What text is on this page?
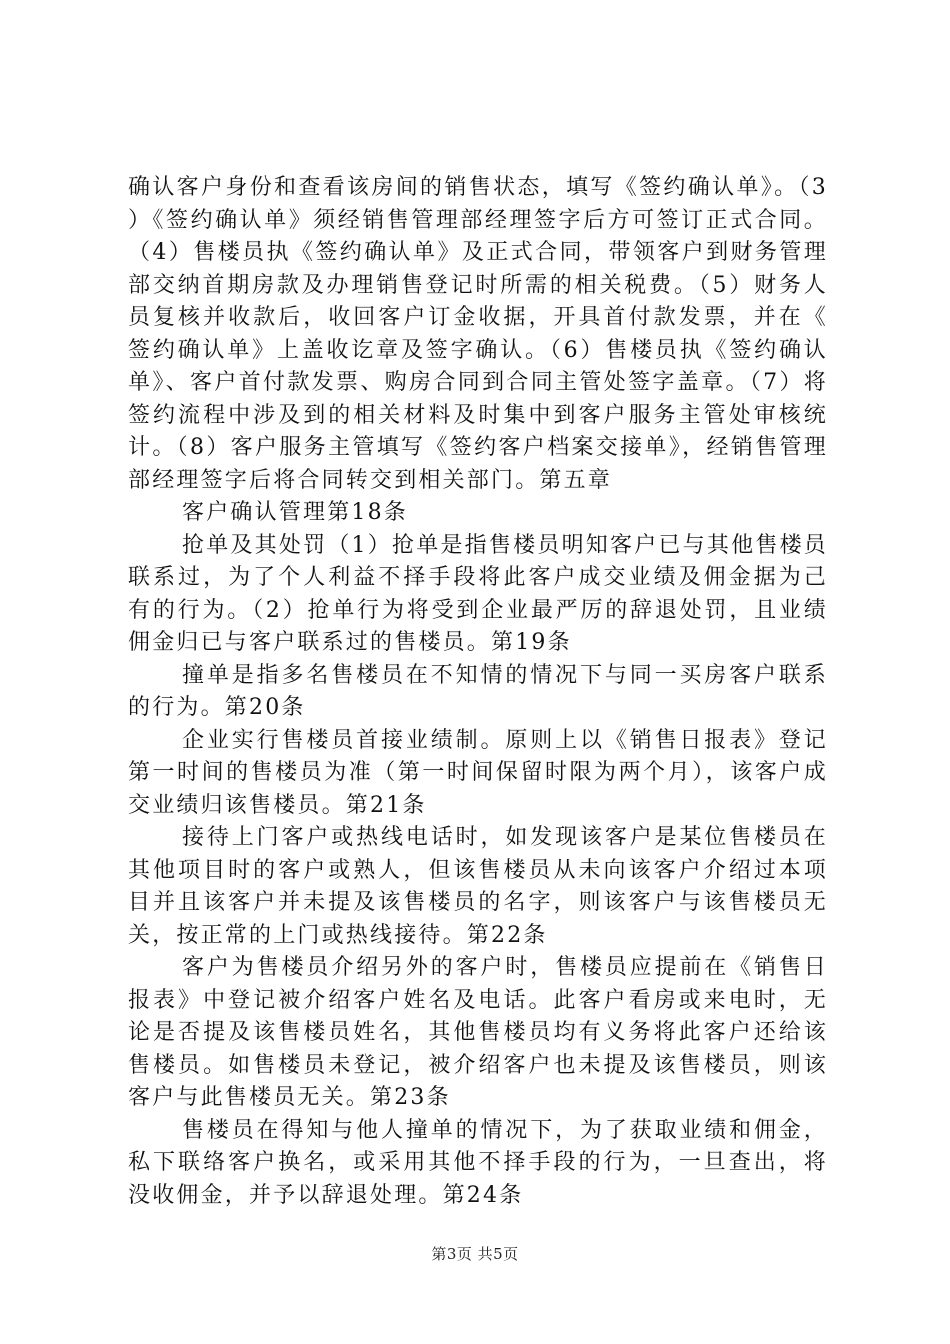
确认客户身份和查看该房间的销售状态，填写《签约确认单》。（3）《签约确认单》须经销售管理部经理签字后方可签订正式合同。（4）售楼员执《签约确认单》及正式合同，带领客户到财务管理部交纳首期房款及办理销售登记时所需的相关税费。（5）财务人员复核并收款后，收回客户订金收据，开具首付款发票，并在《签约确认单》上盖收讫章及签字确认。（6）售楼员执《签约确认单》、客户首付款发票、购房合同到合同主管处签字盖章。（7）将签约流程中涉及到的相关材料及时集中到客户服务主管处审核统计。（8）客户服务主管填写《签约客户档案交接单》，经销售管理部经理签字后将合同转交到相关部门。第五章

客户确认管理第18条

抢单及其处罚（1）抢单是指售楼员明知客户已与其他售楼员联系过，为了个人利益不择手段将此客户成交业绩及佣金据为己有的行为。（2）抢单行为将受到企业最严厉的辞退处罚，且业绩佣金归已与客户联系过的售楼员。第19条

撞单是指多名售楼员在不知情的情况下与同一买房客户联系的行为。第20条

企业实行售楼员首接业绩制。原则上以《销售日报表》登记第一时间的售楼员为准（第一时间保留时限为两个月），该客户成交业绩归该售楼员。第21条

接待上门客户或热线电话时，如发现该客户是某位售楼员在其他项目时的客户或熟人，但该售楼员从未向该客户介绍过本项目并且该客户并未提及该售楼员的名字，则该客户与该售楼员无关，按正常的上门或热线接待。第22条

客户为售楼员介绍另外的客户时，售楼员应提前在《销售日报表》中登记被介绍客户姓名及电话。此客户看房或来电时，无论是否提及该售楼员姓名，其他售楼员均有义务将此客户还给该售楼员。如售楼员未登记，被介绍客户也未提及该售楼员，则该客户与此售楼员无关。第23条

售楼员在得知与他人撞单的情况下，为了获取业绩和佣金，私下联络客户换名，或采用其他不择手段的行为，一旦查出，将没收佣金，并予以辞退处理。第24条

第3页 共5页
